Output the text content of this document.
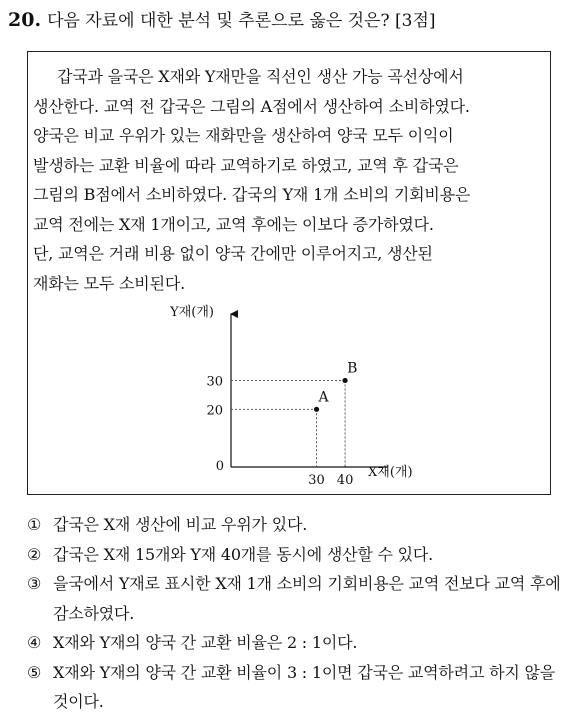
20. 다음 자료에 대한 분석 및 추론으로 옳은 것은? [3점]
갑국과 을국은 X재와 Y재만을 직선인 생산 가능 곡선상에서
생산한다. 교역 전 갑국은 그림의 A점에서 생산하여 소비하였다.
양국은 비교 우위가 있는 재화만을 생산하여 양국 모두 이익이
발생하는 교환 비율에 따라 교역하기로 하였고, 교역 후 갑국은
그림의 B점에서 소비하였다. 갑국의 Y재 1개 소비의 기회비용은
교역 전에는 X재 1개이고, 교역 후에는 이보다 증가하였다.
단, 교역은 거래 비용 없이 양국 간에만 이루어지고, 생산된
재화는 모두 소비된다.
Y재(개)
X재(개)
0
30 40
20
30
A
B
① 갑국은 X재 생산에 비교 우위가 있다.
② 갑국은 X재 15개와 Y재 40개를 동시에 생산할 수 있다.
③ 을국에서 Y재로 표시한 X재 1개 소비의 기회비용은 교역 전보다 교역 후에 감소하였다.
④ X재와 Y재의 양국 간 교환 비율은 2 : 1이다.
⑤ X재와 Y재의 양국 간 교환 비율이 3 : 1이면 갑국은 교역하려고 하지 않을 것이다.
